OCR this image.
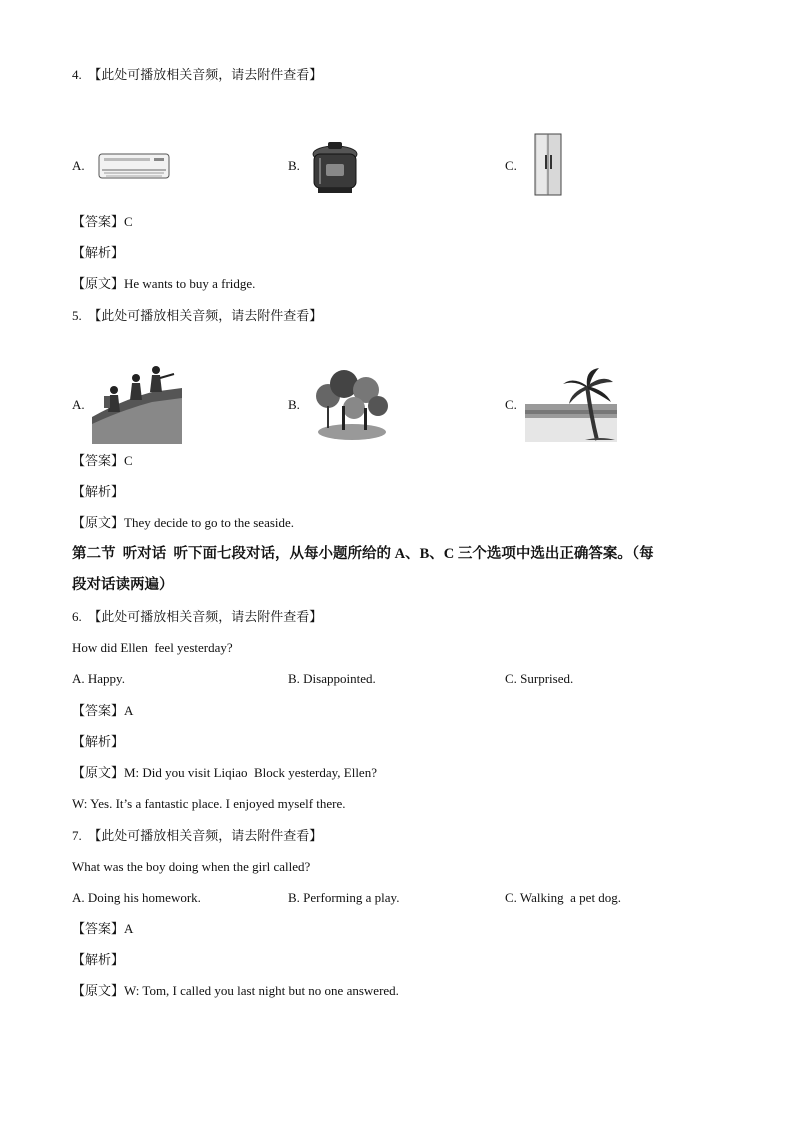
4.　【此处可播放相关音频，请去附件查看】
A.	B.	C.
【答案】C
【解析】
【原文】He wants to buy a fridge.
5.　【此处可播放相关音频，请去附件查看】
A.	B.	C.
【答案】C
【解析】
【原文】They decide to go to the seaside.
第二节  听对话  听下面七段对话，从每小题所给的 A、B、C 三个选项中选出正确答案。（每
段对话读两遍）
6.　【此处可播放相关音频，请去附件查看】
How did Ellen  feel yesterday?
A. Happy.	B. Disappointed.	C. Surprised.
【答案】A
【解析】
【原文】M: Did you visit Liqiao  Block yesterday, Ellen?
W: Yes. It’s a fantastic place. I enjoyed myself there.
7.　【此处可播放相关音频，请去附件查看】
What was the boy doing when the girl called?
A. Doing his homework.	B. Performing a play.	C. Walking  a pet dog.
【答案】A
【解析】
【原文】W: Tom, I called you last night but no one answered.
